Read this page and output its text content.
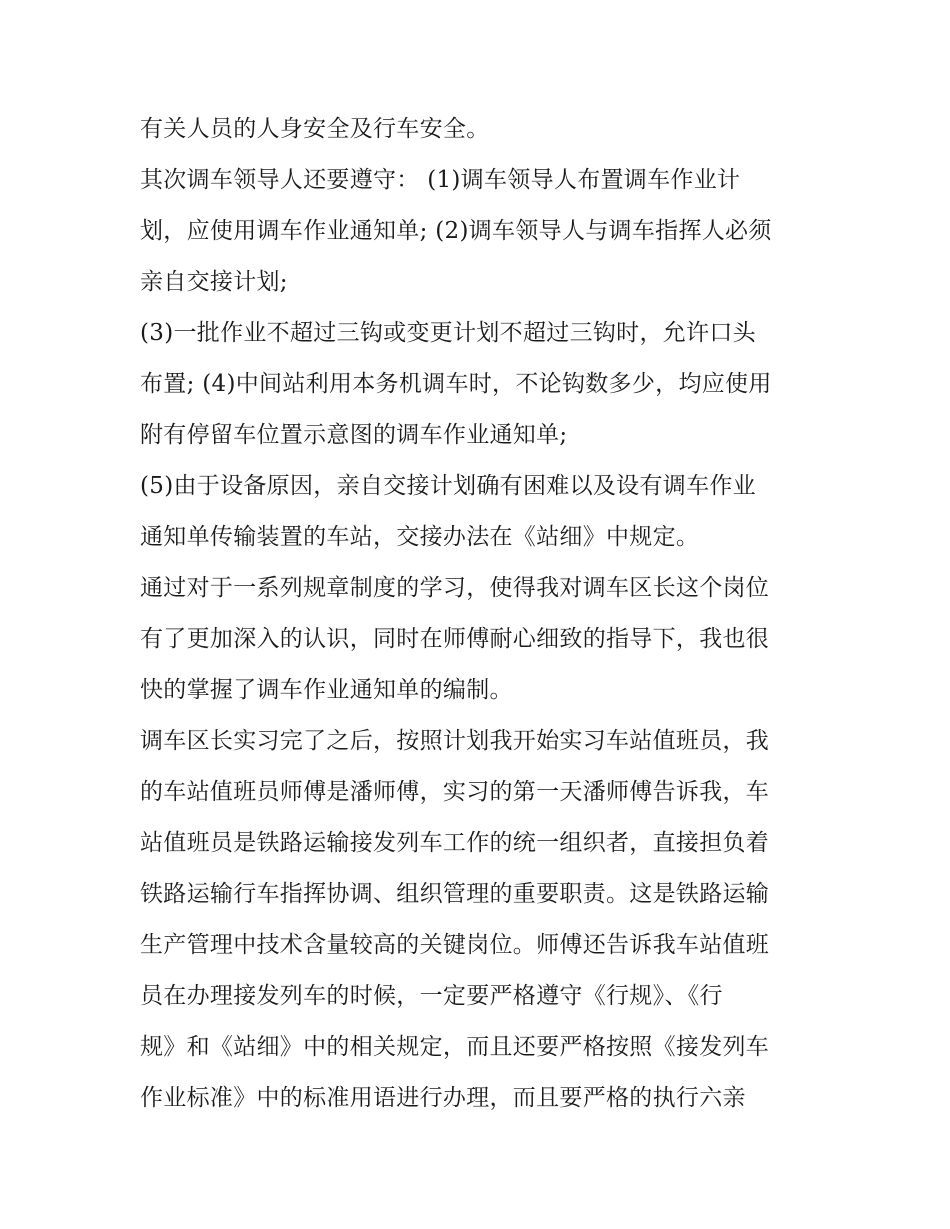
有关人员的人身安全及行车安全。
其次调车领导人还要遵守： (1)调车领导人布置调车作业计
划，应使用调车作业通知单; (2)调车领导人与调车指挥人必须
亲自交接计划;
(3)一批作业不超过三钩或变更计划不超过三钩时，允许口头
布置; (4)中间站利用本务机调车时，不论钩数多少，均应使用
附有停留车位置示意图的调车作业通知单;
(5)由于设备原因，亲自交接计划确有困难以及设有调车作业
通知单传输装置的车站，交接办法在《站细》中规定。
通过对于一系列规章制度的学习，使得我对调车区长这个岗位
有了更加深入的认识，同时在师傅耐心细致的指导下，我也很
快的掌握了调车作业通知单的编制。
调车区长实习完了之后，按照计划我开始实习车站值班员，我
的车站值班员师傅是潘师傅，实习的第一天潘师傅告诉我，车
站值班员是铁路运输接发列车工作的统一组织者，直接担负着
铁路运输行车指挥协调、组织管理的重要职责。这是铁路运输
生产管理中技术含量较高的关键岗位。师傅还告诉我车站值班
员在办理接发列车的时候，一定要严格遵守《行规》、《行
规》和《站细》中的相关规定，而且还要严格按照《接发列车
作业标准》中的标准用语进行办理，而且要严格的执行六亲
